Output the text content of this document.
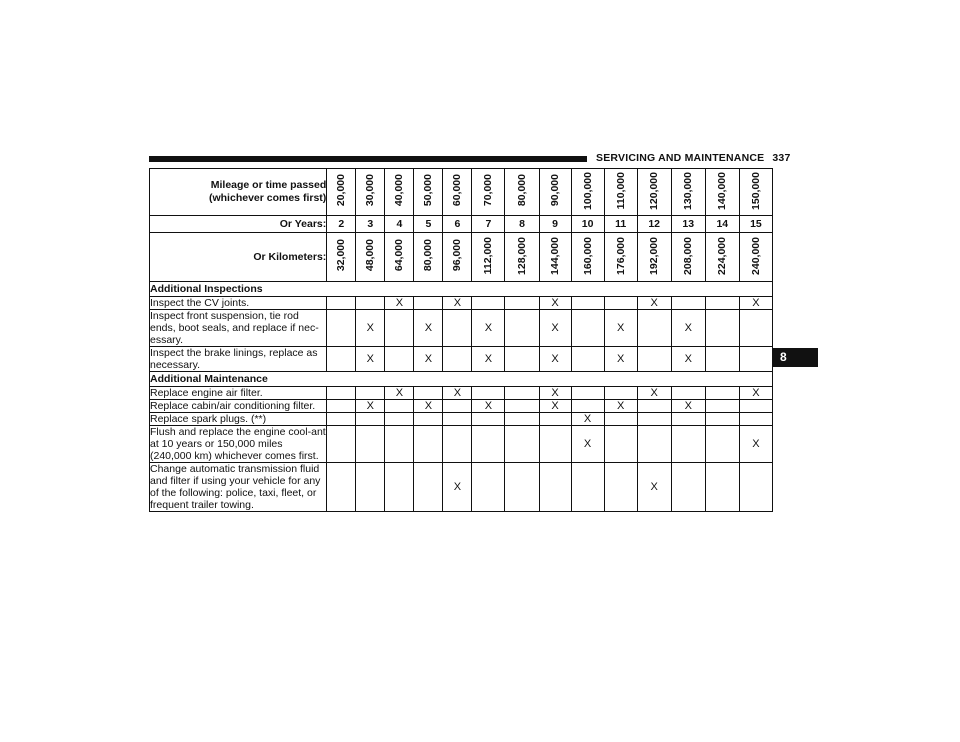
SERVICING AND MAINTENANCE 337
8
Mileage or time passed
(whichever comes first)	20,000	30,000	40,000	50,000	60,000	70,000	80,000	90,000	100,000	110,000	120,000	130,000	140,000	150,000
Or Years:	2	3	4	5	6	7	8	9	10	11	12	13	14	15
Or Kilometers:	32,000	48,000	64,000	80,000	96,000	112,000	128,000	144,000	160,000	176,000	192,000	208,000	224,000	240,000
Additional Inspections														
Inspect the CV joints.			X		X			X			X			X
Inspect front suspension, tie rod ends, boot seals, and replace if nec-essary.		X		X		X		X		X		X		
Inspect the brake linings, replace as necessary.		X		X		X		X		X		X		
Additional Maintenance														
Replace engine air filter.			X		X			X			X			X
Replace cabin/air conditioning filter.		X		X		X		X		X		X		
Replace spark plugs. (**)									X					
Flush and replace the engine cool-ant at 10 years or 150,000 miles (240,000 km) whichever comes first.									X					X
Change automatic transmission fluid and filter if using your vehicle for any of the following: police, taxi, fleet, or frequent trailer towing.					X						X			
